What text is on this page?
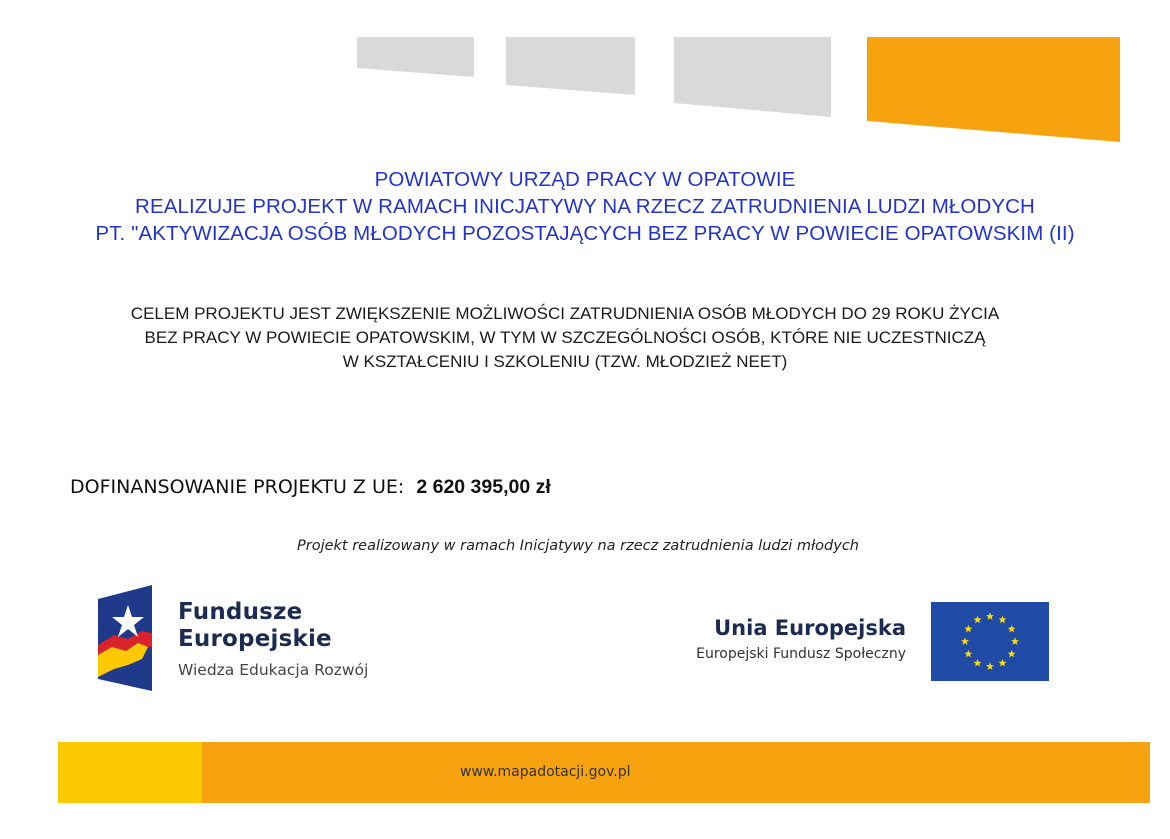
POWIATOWY URZĄD PRACY W OPATOWIE
REALIZUJE PROJEKT W RAMACH INICJATYWY NA RZECZ ZATRUDNIENIA LUDZI MŁODYCH
PT. "AKTYWIZACJA OSÓB MŁODYCH POZOSTAJĄCYCH BEZ PRACY W POWIECIE OPATOWSKIM (II)
CELEM PROJEKTU JEST ZWIĘKSZENIE MOŻLIWOŚCI ZATRUDNIENIA OSÓB MŁODYCH DO 29 ROKU ŻYCIA
BEZ PRACY W POWIECIE OPATOWSKIM, W TYM W SZCZEGÓLNOŚCI OSÓB, KTÓRE NIE UCZESTNICZĄ
W KSZTAŁCENIU I SZKOLENIU (TZW. MŁODZIEŻ NEET)
DOFINANSOWANIE PROJEKTU Z UE: 2 620 395,00 zł
Projekt realizowany w ramach Inicjatywy na rzecz zatrudnienia ludzi młodych
Fundusze
Europejskie
Wiedza Edukacja Rozwój
Unia Europejska
Europejski Fundusz Społeczny
www.mapadotacji.gov.pl
